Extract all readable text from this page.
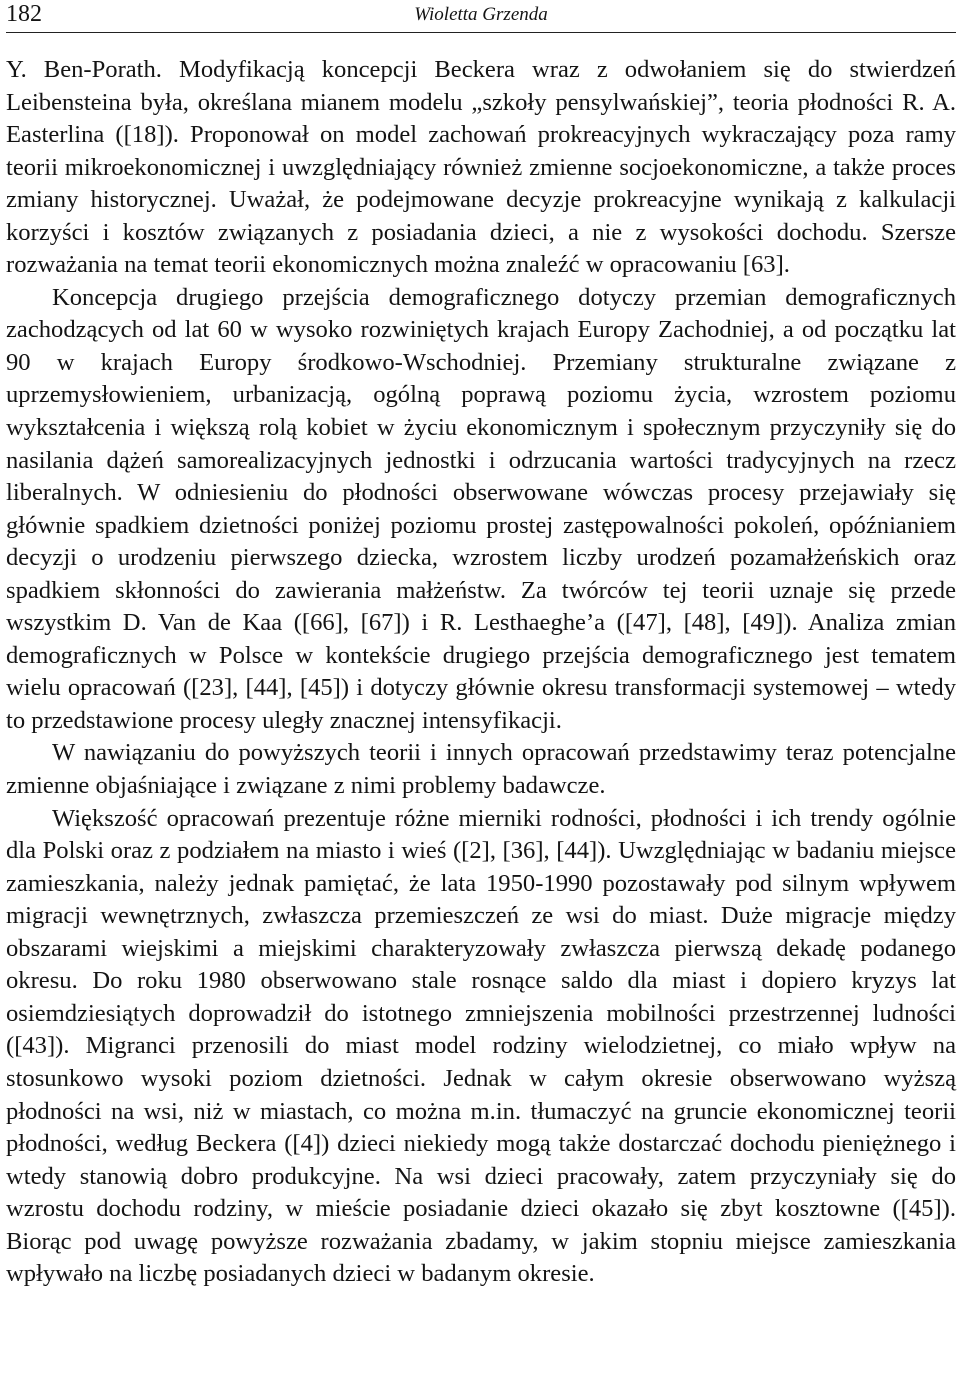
182	Wioletta Grzenda

Y. Ben-Porath. Modyfikacją koncepcji Beckera wraz z odwołaniem się do stwierdzeń Leibensteina była, określana mianem modelu „szkoły pensylwańskiej”, teoria płodności R. A. Easterlina ([18]). Proponował on model zachowań prokreacyjnych wykraczający poza ramy teorii mikroekonomicznej i uwzględniający również zmienne socjoekonomiczne, a także proces zmiany historycznej. Uważał, że podejmowane decyzje prokreacyjne wynikają z kalkulacji korzyści i kosztów związanych z posiadania dzieci, a nie z wysokości dochodu. Szersze rozważania na temat teorii ekonomicznych można znaleźć w opracowaniu [63].

Koncepcja drugiego przejścia demograficznego dotyczy przemian demograficznych zachodzących od lat 60 w wysoko rozwiniętych krajach Europy Zachodniej, a od początku lat 90 w krajach Europy środkowo-Wschodniej. Przemiany strukturalne związane z uprzemysłowieniem, urbanizacją, ogólną poprawą poziomu życia, wzrostem poziomu wykształcenia i większą rolą kobiet w życiu ekonomicznym i społecznym przyczyniły się do nasilania dążeń samorealizacyjnych jednostki i odrzucania wartości tradycyjnych na rzecz liberalnych. W odniesieniu do płodności obserwowane wówczas procesy przejawiały się głównie spadkiem dzietności poniżej poziomu prostej zastępowalności pokoleń, opóźnianiem decyzji o urodzeniu pierwszego dziecka, wzrostem liczby urodzeń pozamałżeńskich oraz spadkiem skłonności do zawierania małżeństw. Za twórców tej teorii uznaje się przede wszystkim D. Van de Kaa ([66], [67]) i R. Lesthaeghe’a ([47], [48], [49]). Analiza zmian demograficznych w Polsce w kontekście drugiego przejścia demograficznego jest tematem wielu opracowań ([23], [44], [45]) i dotyczy głównie okresu transformacji systemowej – wtedy to przedstawione procesy uległy znacznej intensyfikacji.

W nawiązaniu do powyższych teorii i innych opracowań przedstawimy teraz potencjalne zmienne objaśniające i związane z nimi problemy badawcze.

Większość opracowań prezentuje różne mierniki rodności, płodności i ich trendy ogólnie dla Polski oraz z podziałem na miasto i wieś ([2], [36], [44]). Uwzględniając w badaniu miejsce zamieszkania, należy jednak pamiętać, że lata 1950-1990 pozostawały pod silnym wpływem migracji wewnętrznych, zwłaszcza przemieszczeń ze wsi do miast. Duże migracje między obszarami wiejskimi a miejskimi charakteryzowały zwłaszcza pierwszą dekadę podanego okresu. Do roku 1980 obserwowano stale rosnące saldo dla miast i dopiero kryzys lat osiemdziesiątych doprowadził do istotnego zmniejszenia mobilności przestrzennej ludności ([43]). Migranci przenosili do miast model rodziny wielodzietnej, co miało wpływ na stosunkowo wysoki poziom dzietności. Jednak w całym okresie obserwowano wyższą płodności na wsi, niż w miastach, co można m.in. tłumaczyć na gruncie ekonomicznej teorii płodności, według Beckera ([4]) dzieci niekiedy mogą także dostarczać dochodu pieniężnego i wtedy stanowią dobro produkcyjne. Na wsi dzieci pracowały, zatem przyczyniały się do wzrostu dochodu rodziny, w mieście posiadanie dzieci okazało się zbyt kosztowne ([45]). Biorąc pod uwagę powyższe rozważania zbadamy, w jakim stopniu miejsce zamieszkania wpływało na liczbę posiadanych dzieci w badanym okresie.
